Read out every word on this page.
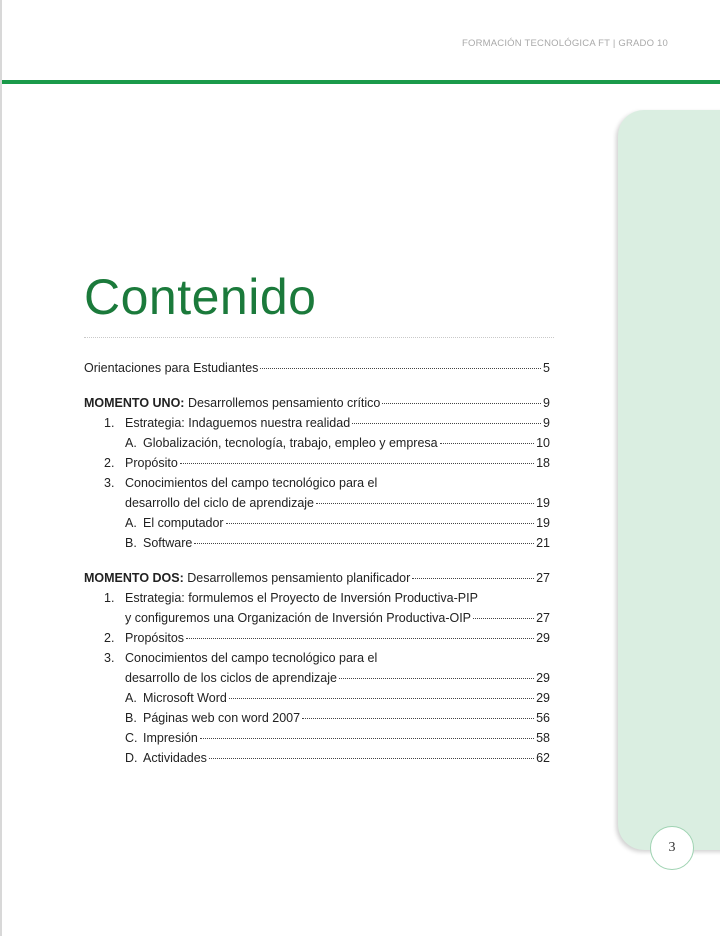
FORMACIÓN TECNOLÓGICA FT | GRADO 10
3
Contenido
Orientaciones para Estudiantes	5
MOMENTO UNO: Desarrollemos pensamiento crítico	9
1. Estrategia: Indaguemos nuestra realidad	9
A. Globalización, tecnología, trabajo, empleo y empresa	10
2. Propósito	18
3. Conocimientos del campo tecnológico para el
desarrollo del ciclo de aprendizaje	19
A. El computador	19
B. Software	21
MOMENTO DOS: Desarrollemos pensamiento planificador	27
1. Estrategia: formulemos el Proyecto de Inversión Productiva-PIP
y configuremos una Organización de Inversión Productiva-OIP	27
2. Propósitos	29
3. Conocimientos del campo tecnológico para el
desarrollo de los ciclos de aprendizaje	29
A. Microsoft Word	29
B. Páginas web con word 2007	56
C. Impresión	58
D. Actividades	62
